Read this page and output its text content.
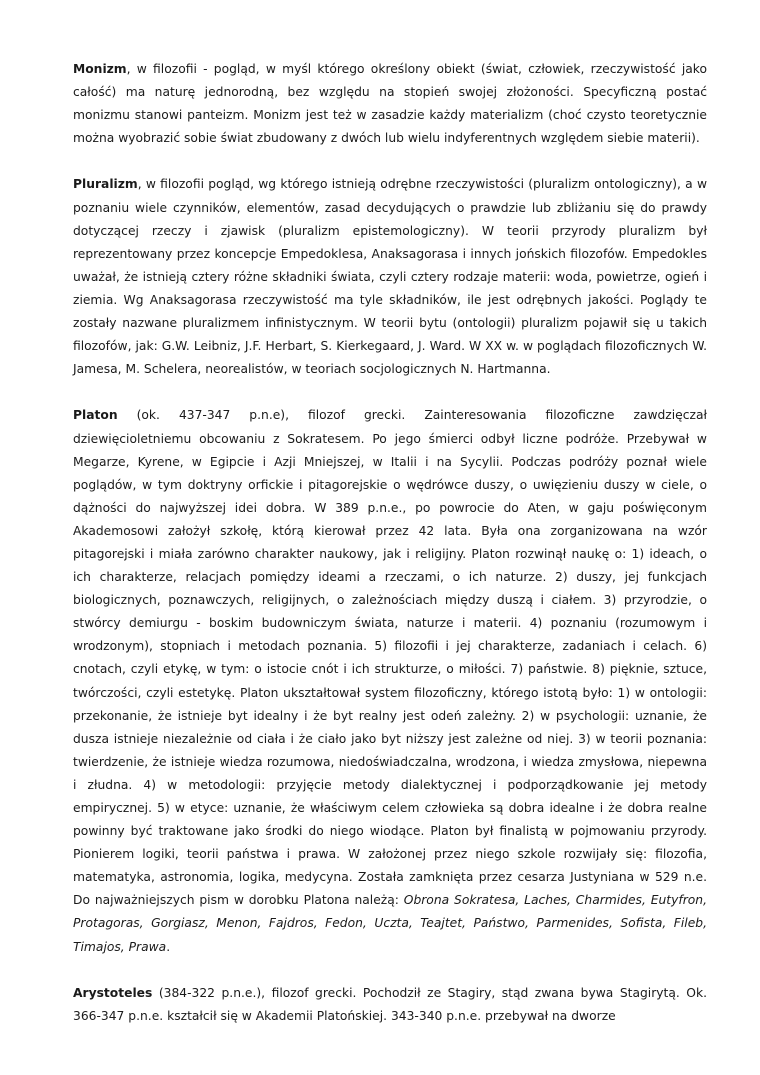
Monizm, w filozofii - pogląd, w myśl którego określony obiekt (świat, człowiek, rzeczywistość jako całość) ma naturę jednorodną, bez względu na stopień swojej złożoności. Specyficzną postać monizmu stanowi panteizm. Monizm jest też w zasadzie każdy materializm (choć czysto teoretycznie można wyobrazić sobie świat zbudowany z dwóch lub wielu indyferentnych względem siebie materii).

Pluralizm, w filozofii pogląd, wg którego istnieją odrębne rzeczywistości (pluralizm ontologiczny), a w poznaniu wiele czynników, elementów, zasad decydujących o prawdzie lub zbliżaniu się do prawdy dotyczącej rzeczy i zjawisk (pluralizm epistemologiczny). W teorii przyrody pluralizm był reprezentowany przez koncepcje Empedoklesa, Anaksagorasa i innych jońskich filozofów. Empedokles uważał, że istnieją cztery różne składniki świata, czyli cztery rodzaje materii: woda, powietrze, ogień i ziemia. Wg Anaksagorasa rzeczywistość ma tyle składników, ile jest odrębnych jakości. Poglądy te zostały nazwane pluralizmem infinistycznym. W teorii bytu (ontologii) pluralizm pojawił się u takich filozofów, jak: G.W. Leibniz, J.F. Herbart, S. Kierkegaard, J. Ward. W XX w. w poglądach filozoficznych W. Jamesa, M. Schelera, neorealistów, w teoriach socjologicznych N. Hartmanna.

Platon (ok. 437-347 p.n.e), filozof grecki. Zainteresowania filozoficzne zawdzięczał dziewięcioletniemu obcowaniu z Sokratesem. Po jego śmierci odbył liczne podróże. Przebywał w Megarze, Kyrene, w Egipcie i Azji Mniejszej, w Italii i na Sycylii. Podczas podróży poznał wiele poglądów, w tym doktryny orfickie i pitagorejskie o wędrówce duszy, o uwięzieniu duszy w ciele, o dążności do najwyższej idei dobra. W 389 p.n.e., po powrocie do Aten, w gaju poświęconym Akademosowi założył szkołę, którą kierował przez 42 lata. Była ona zorganizowana na wzór pitagorejski i miała zarówno charakter naukowy, jak i religijny. Platon rozwinął naukę o: 1) ideach, o ich charakterze, relacjach pomiędzy ideami a rzeczami, o ich naturze. 2) duszy, jej funkcjach biologicznych, poznawczych, religijnych, o zależnościach między duszą i ciałem. 3) przyrodzie, o stwórcy demiurgu - boskim budowniczym świata, naturze i materii. 4) poznaniu (rozumowym i wrodzonym), stopniach i metodach poznania. 5) filozofii i jej charakterze, zadaniach i celach. 6) cnotach, czyli etykę, w tym: o istocie cnót i ich strukturze, o miłości. 7) państwie. 8) pięknie, sztuce, twórczości, czyli estetykę. Platon ukształtował system filozoficzny, którego istotą było: 1) w ontologii: przekonanie, że istnieje byt idealny i że byt realny jest odeń zależny. 2) w psychologii: uznanie, że dusza istnieje niezależnie od ciała i że ciało jako byt niższy jest zależne od niej. 3) w teorii poznania: twierdzenie, że istnieje wiedza rozumowa, niedoświadczalna, wrodzona, i wiedza zmysłowa, niepewna i złudna. 4) w metodologii: przyjęcie metody dialektycznej i podporządkowanie jej metody empirycznej. 5) w etyce: uznanie, że właściwym celem człowieka są dobra idealne i że dobra realne powinny być traktowane jako środki do niego wiodące. Platon był finalistą w pojmowaniu przyrody. Pionierem logiki, teorii państwa i prawa. W założonej przez niego szkole rozwijały się: filozofia, matematyka, astronomia, logika, medycyna. Została zamknięta przez cesarza Justyniana w 529 n.e. Do najważniejszych pism w dorobku Platona należą: Obrona Sokratesa, Laches, Charmides, Eutyfron, Protagoras, Gorgiasz, Menon, Fajdros, Fedon, Uczta, Teajtet, Państwo, Parmenides, Sofista, Fileb, Timajos, Prawa.

Arystoteles (384-322 p.n.e.), filozof grecki. Pochodził ze Stagiry, stąd zwana bywa Stagirytą. Ok. 366-347 p.n.e. kształcił się w Akademii Platońskiej. 343-340 p.n.e. przebywał na dworze
